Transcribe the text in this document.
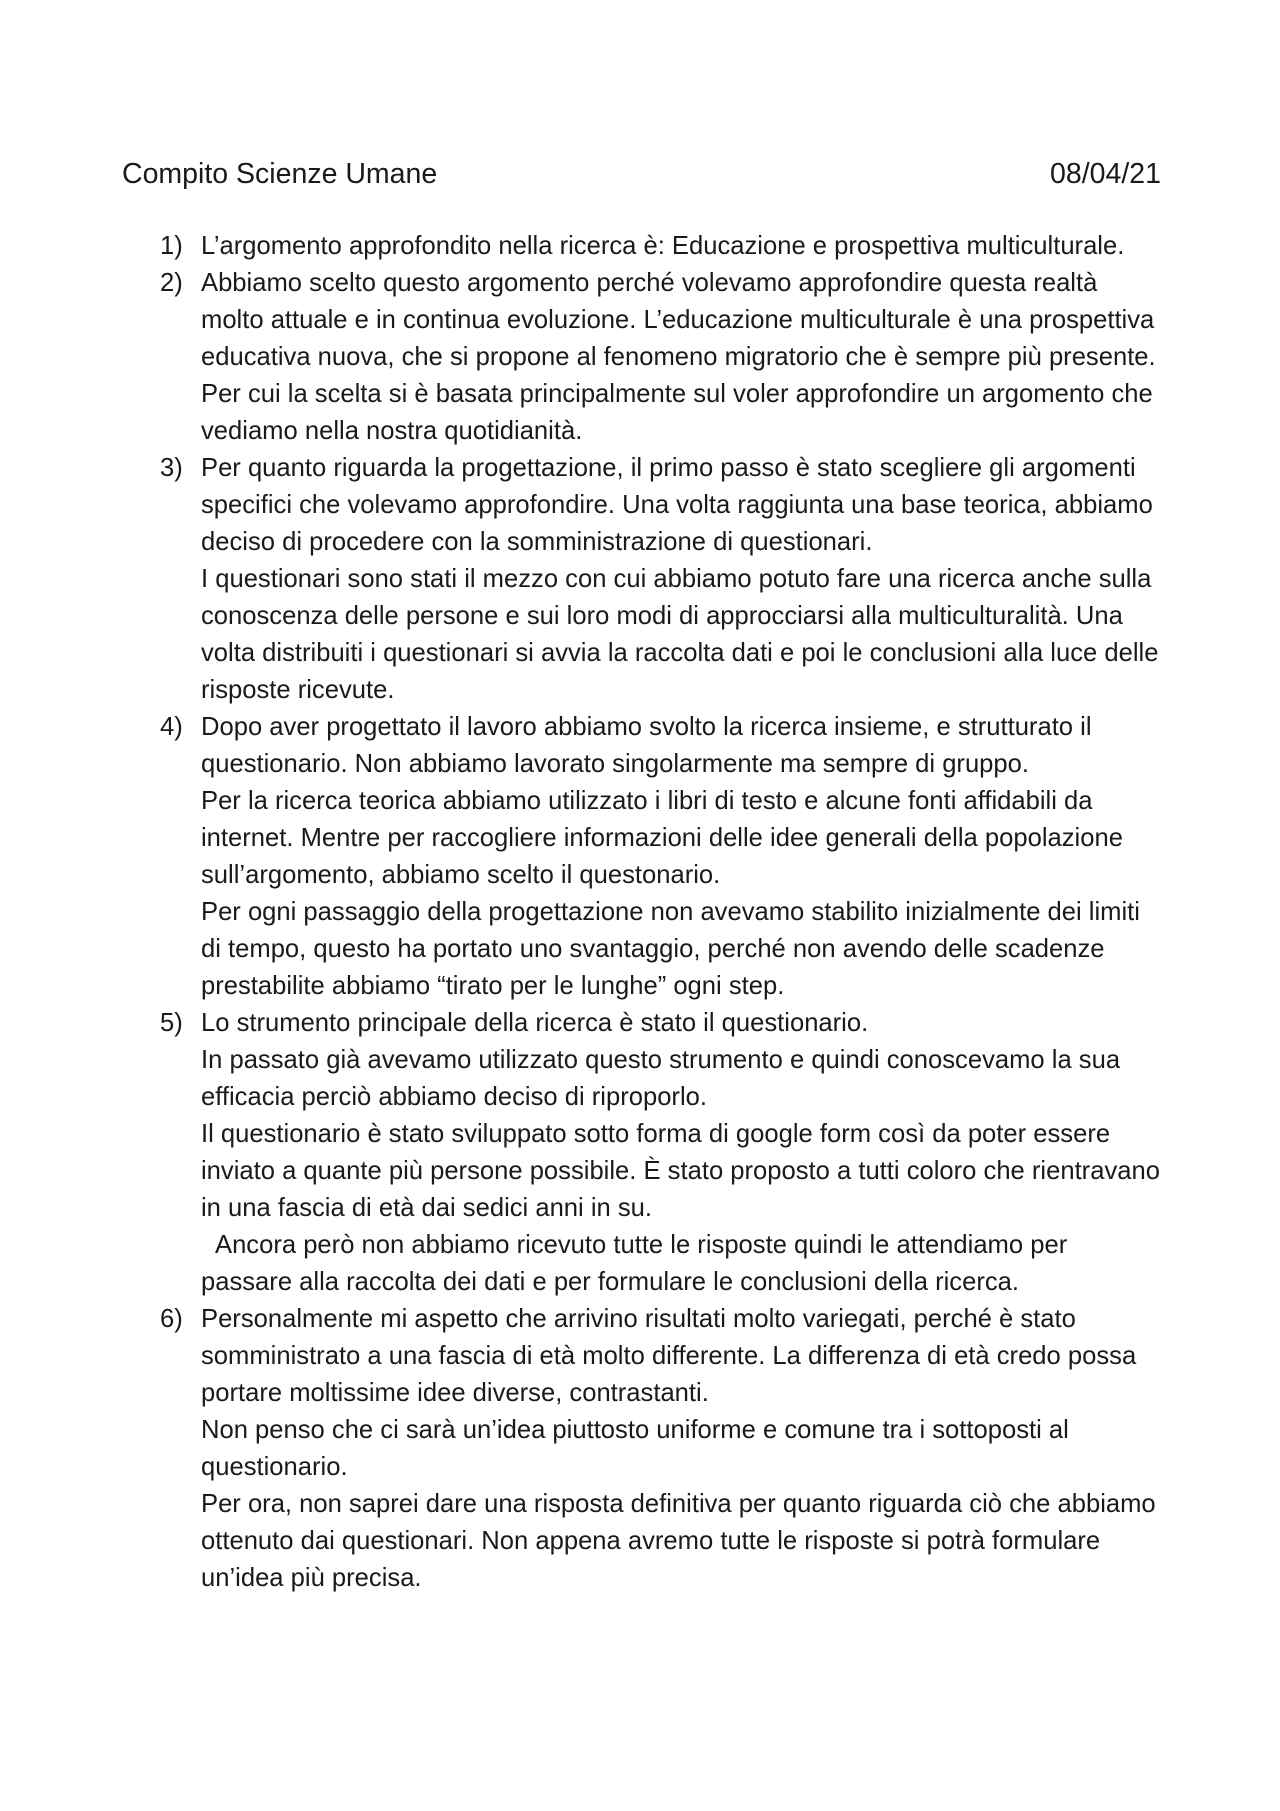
Compito Scienze Umane	08/04/21
1) L’argomento approfondito nella ricerca è: Educazione e prospettiva multiculturale.

2) Abbiamo scelto questo argomento perché volevamo approfondire questa realtà molto attuale e in continua evoluzione. L’educazione multiculturale è una prospettiva educativa nuova, che si propone al fenomeno migratorio che è sempre più presente.

Per cui la scelta si è basata principalmente sul voler approfondire un argomento che vediamo nella nostra quotidianità.

3) Per quanto riguarda la progettazione, il primo passo è stato scegliere gli argomenti specifici che volevamo approfondire. Una volta raggiunta una base teorica, abbiamo deciso di procedere con la somministrazione di questionari.

I questionari sono stati il mezzo con cui abbiamo potuto fare una ricerca anche sulla conoscenza delle persone e sui loro modi di approcciarsi alla multiculturalità. Una volta distribuiti i questionari si avvia la raccolta dati e poi le conclusioni alla luce delle risposte ricevute.

4) Dopo aver progettato il lavoro abbiamo svolto la ricerca insieme, e strutturato il questionario. Non abbiamo lavorato singolarmente ma sempre di gruppo.

Per la ricerca teorica abbiamo utilizzato i libri di testo e alcune fonti affidabili da internet. Mentre per raccogliere informazioni delle idee generali della popolazione sull’argomento, abbiamo scelto il questonario.

Per ogni passaggio della progettazione non avevamo stabilito inizialmente dei limiti di tempo, questo ha portato uno svantaggio, perché non avendo delle scadenze prestabilite abbiamo “tirato per le lunghe” ogni step.

5) Lo strumento principale della ricerca è stato il questionario.

In passato già avevamo utilizzato questo strumento e quindi conoscevamo la sua efficacia perciò abbiamo deciso di riproporlo.

Il questionario è stato sviluppato sotto forma di google form così da poter essere inviato a quante più persone possibile. È stato proposto a tutti coloro che rientravano in una fascia di età dai sedici anni in su.

Ancora però non abbiamo ricevuto tutte le risposte quindi le attendiamo per passare alla raccolta dei dati e per formulare le conclusioni della ricerca.

6) Personalmente mi aspetto che arrivino risultati molto variegati, perché è stato somministrato a una fascia di età molto differente. La differenza di età credo possa portare moltissime idee diverse, contrastanti.

Non penso che ci sarà un’idea piuttosto uniforme e comune tra i sottoposti al questionario.

Per ora, non saprei dare una risposta definitiva per quanto riguarda ciò che abbiamo ottenuto dai questionari. Non appena avremo tutte le risposte si potrà formulare un’idea più precisa.
